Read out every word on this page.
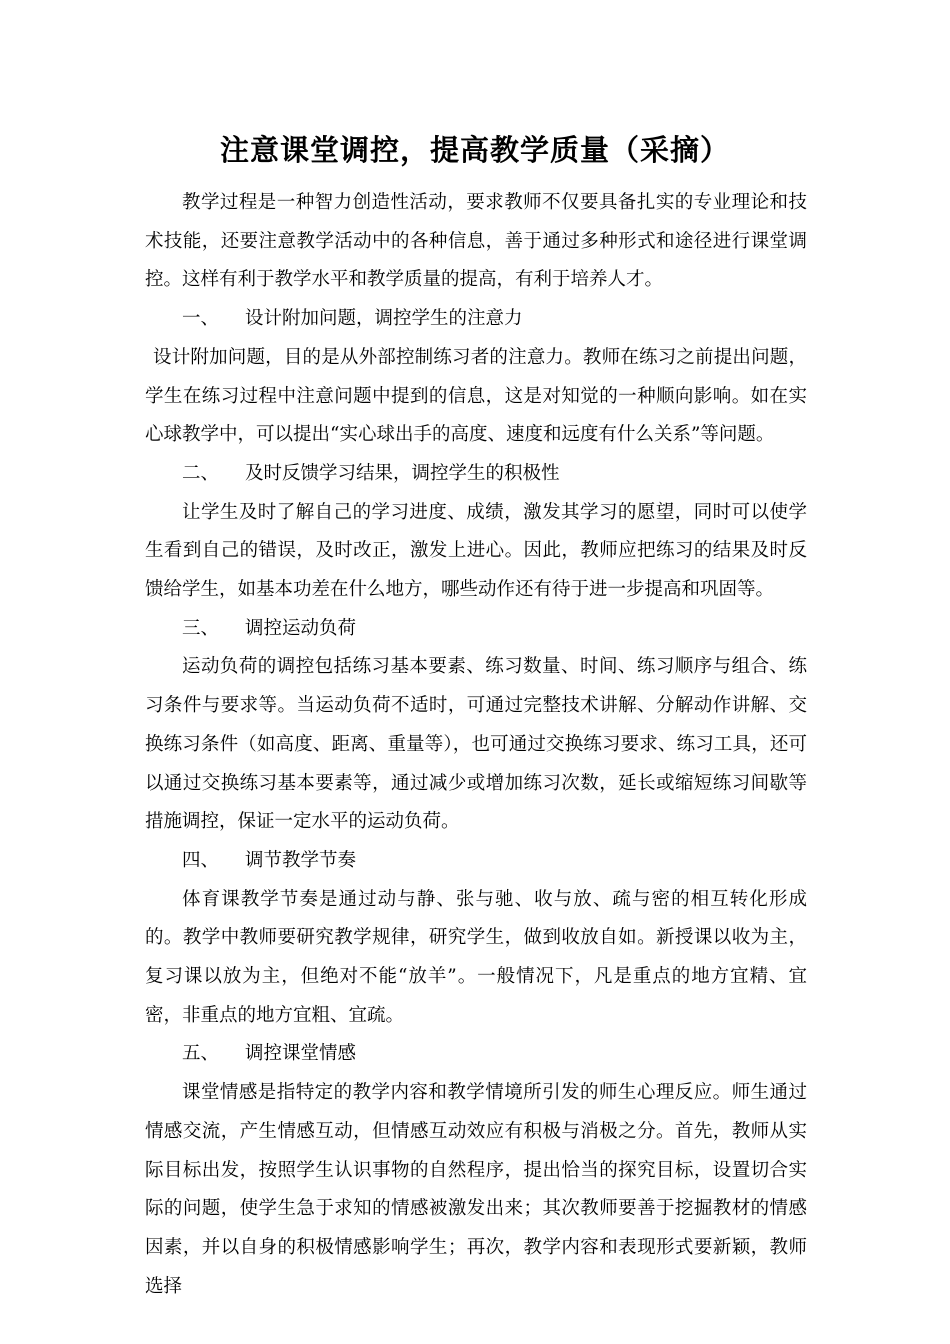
注意课堂调控，提高教学质量（采摘）

教学过程是一种智力创造性活动，要求教师不仅要具备扎实的专业理论和技术技能，还要注意教学活动中的各种信息，善于通过多种形式和途径进行课堂调控。这样有利于教学水平和教学质量的提高，有利于培养人才。

一、 设计附加问题，调控学生的注意力

设计附加问题，目的是从外部控制练习者的注意力。教师在练习之前提出问题，学生在练习过程中注意问题中提到的信息，这是对知觉的一种顺向影响。如在实心球教学中，可以提出“实心球出手的高度、速度和远度有什么关系”等问题。

二、 及时反馈学习结果，调控学生的积极性

让学生及时了解自己的学习进度、成绩，激发其学习的愿望，同时可以使学生看到自己的错误，及时改正，激发上进心。因此，教师应把练习的结果及时反馈给学生，如基本功差在什么地方，哪些动作还有待于进一步提高和巩固等。

三、 调控运动负荷

运动负荷的调控包括练习基本要素、练习数量、时间、练习顺序与组合、练习条件与要求等。当运动负荷不适时，可通过完整技术讲解、分解动作讲解、交换练习条件（如高度、距离、重量等），也可通过交换练习要求、练习工具，还可以通过交换练习基本要素等，通过减少或增加练习次数，延长或缩短练习间歇等措施调控，保证一定水平的运动负荷。

四、 调节教学节奏

体育课教学节奏是通过动与静、张与驰、收与放、疏与密的相互转化形成的。教学中教师要研究教学规律，研究学生，做到收放自如。新授课以收为主，复习课以放为主，但绝对不能“放羊”。一般情况下，凡是重点的地方宜精、宜密，非重点的地方宜粗、宜疏。

五、 调控课堂情感

课堂情感是指特定的教学内容和教学情境所引发的师生心理反应。师生通过情感交流，产生情感互动，但情感互动效应有积极与消极之分。首先，教师从实际目标出发，按照学生认识事物的自然程序，提出恰当的探究目标，设置切合实际的问题，使学生急于求知的情感被激发出来；其次教师要善于挖掘教材的情感因素，并以自身的积极情感影响学生；再次，教学内容和表现形式要新颖，教师选择
